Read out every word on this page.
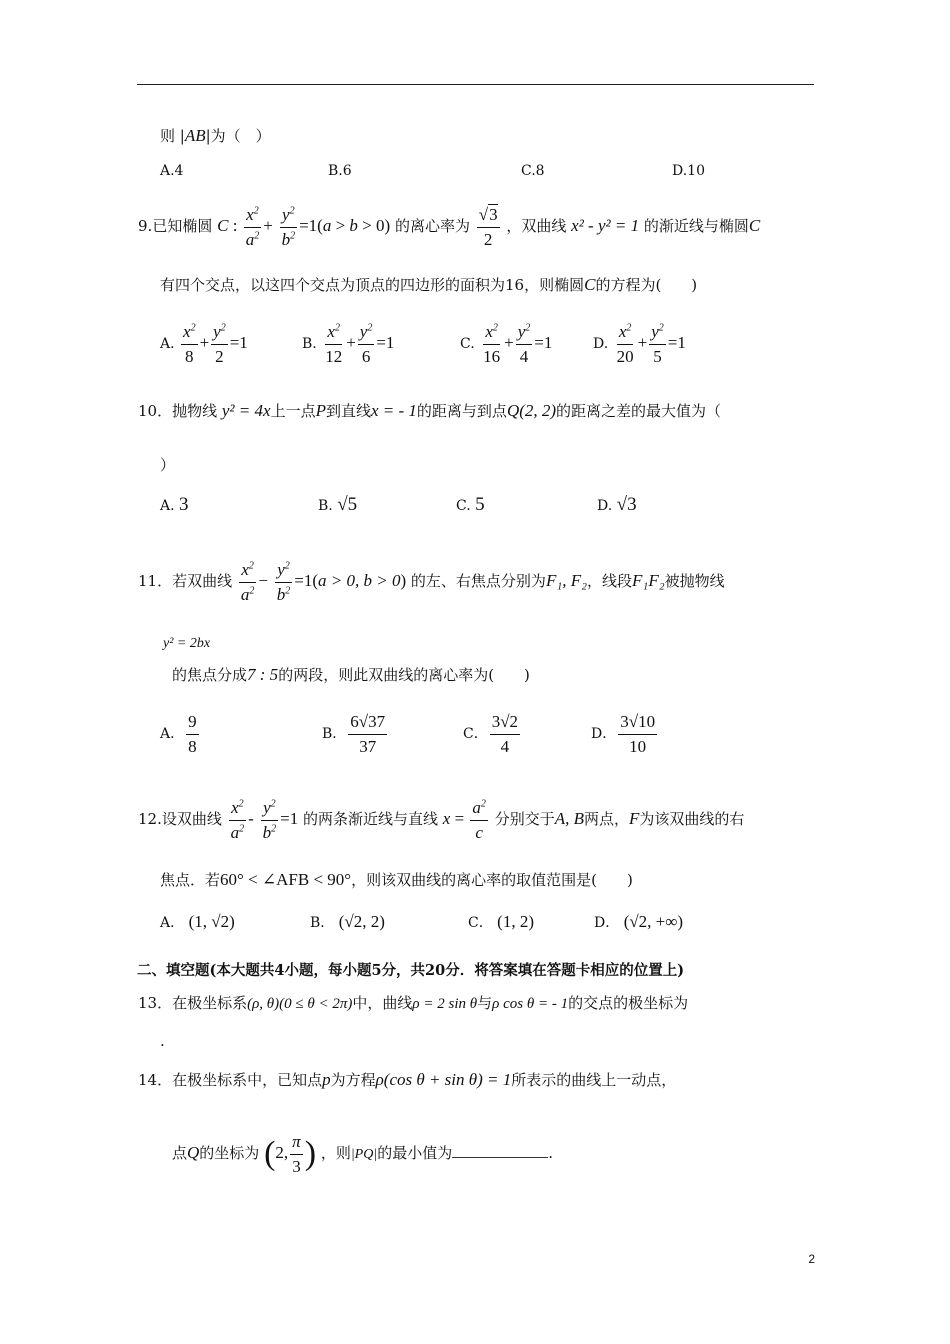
则 |AB|为（　）
A.4	B.6	C.8	D.10
9.已知椭圆 C : $\frac{x^2}{a^2} + \frac{y^2}{b^2} =1(a > b > 0)$ 的离心率为 $\frac{√3}{2}$ ，双曲线 x² - y² = 1 的渐近线与椭圆C
有四个交点，以这四个交点为顶点的四边形的面积为16，则椭圆C的方程为(　　)
A. $\frac{x^2}{8} + \frac{y^2}{2} =1$	B. $\frac{x^2}{12} + \frac{y^2}{6} =1$	C. $\frac{x^2}{16} + \frac{y^2}{4} =1$	D. $\frac{x^2}{20} + \frac{y^2}{5} =1$
10．抛物线 y² = 4x上一点P到直线x = - 1的距离与到点Q(2, 2)的距离之差的最大值为（
）
A. 3	B. √5	C. 5	D. √3
11．若双曲线 $\frac{x^2}{a^2} - \frac{y^2}{b^2} =1(a > 0$, b > 0) 的左、右焦点分别为F₁, F₂，线段F₁F₂被抛物线
y² = 2bx
的焦点分成7 : 5的两段，则此双曲线的离心率为(　　)
A． $\frac{9}{8}$	B． $\frac{6√37}{37}$	C． $\frac{3√2}{4}$	D． $\frac{3√10}{10}$
12.设双曲线 $\frac{x^2}{a^2} - \frac{y^2}{b^2} =1$ 的两条渐近线与直线 $x = \frac{a^2}{c}$ 分别交于A, B两点，F为该双曲线的右
焦点．若60° < ∠AFB < 90°，则该双曲线的离心率的取值范围是(　　)
A． (1, √2)	B． (√2, 2)	C． (1, 2)	D． (√2, +∞)
二、填空题(本大题共4小题，每小题5分，共20分．将答案填在答题卡相应的位置上)
13．在极坐标系(ρ, θ)(0 ≤ θ < 2π)中，曲线ρ = 2 sin θ与ρ cos θ = - 1的交点的极坐标为
.
14．在极坐标系中，已知点p为方程ρ(cos θ + sin θ) = 1所表示的曲线上一动点，
点Q的坐标为 (2, $\frac{\pi}{3}$ ) ，则|PQ|的最小值为	.
2
